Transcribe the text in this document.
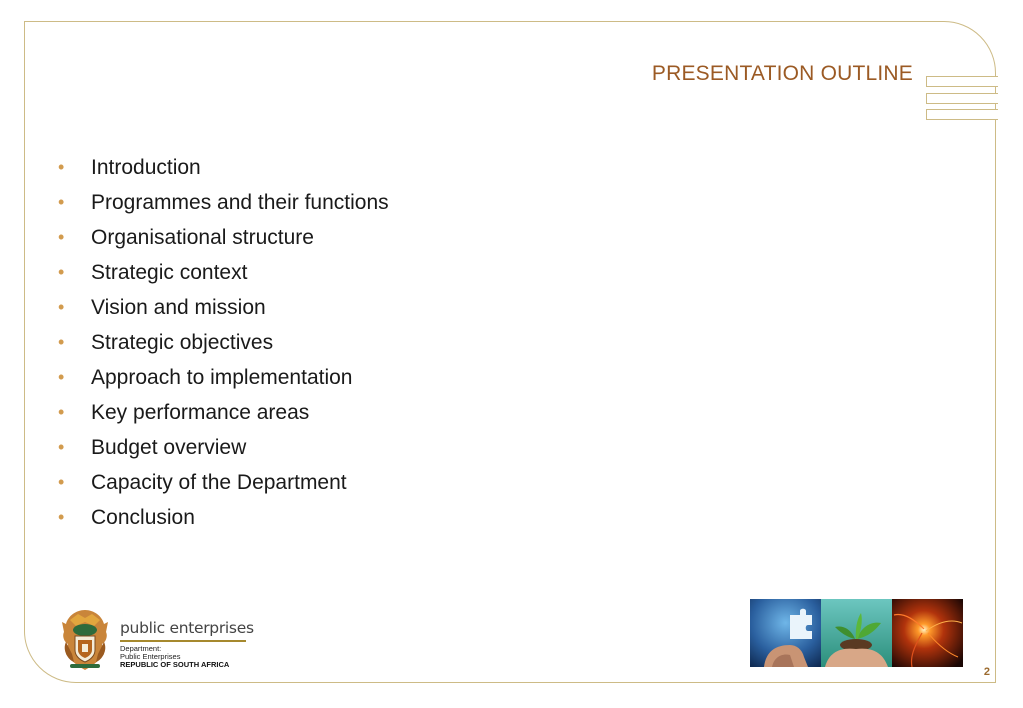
PRESENTATION OUTLINE
• Introduction
• Programmes and their functions
• Organisational structure
• Strategic context
• Vision and mission
• Strategic objectives
• Approach to implementation
• Key performance areas
• Budget overview
• Capacity of the Department
• Conclusion
public enterprises
Department:
Public Enterprises
REPUBLIC OF SOUTH AFRICA
2
